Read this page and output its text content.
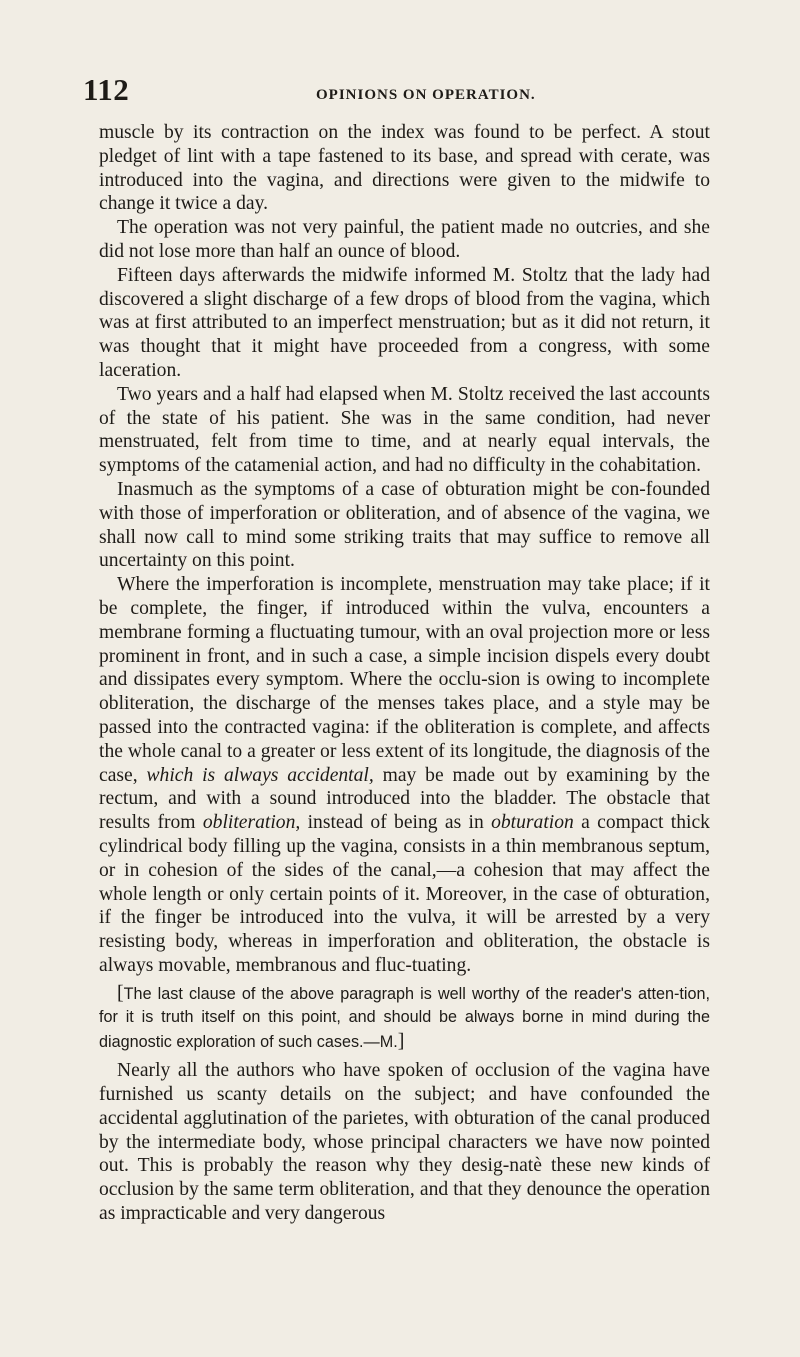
112	OPINIONS ON OPERATION.

muscle by its contraction on the index was found to be perfect. A stout pledget of lint with a tape fastened to its base, and spread with cerate, was introduced into the vagina, and directions were given to the midwife to change it twice a day.

The operation was not very painful, the patient made no outcries, and she did not lose more than half an ounce of blood.

Fifteen days afterwards the midwife informed M. Stoltz that the lady had discovered a slight discharge of a few drops of blood from the vagina, which was at first attributed to an imperfect menstruation; but as it did not return, it was thought that it might have proceeded from a congress, with some laceration.

Two years and a half had elapsed when M. Stoltz received the last accounts of the state of his patient. She was in the same condition, had never menstruated, felt from time to time, and at nearly equal intervals, the symptoms of the catamenial action, and had no difficulty in the cohabitation.

Inasmuch as the symptoms of a case of obturation might be con-founded with those of imperforation or obliteration, and of absence of the vagina, we shall now call to mind some striking traits that may suffice to remove all uncertainty on this point.

Where the imperforation is incomplete, menstruation may take place; if it be complete, the finger, if introduced within the vulva, encounters a membrane forming a fluctuating tumour, with an oval projection more or less prominent in front, and in such a case, a simple incision dispels every doubt and dissipates every symptom. Where the occlu-sion is owing to incomplete obliteration, the discharge of the menses takes place, and a style may be passed into the contracted vagina: if the obliteration is complete, and affects the whole canal to a greater or less extent of its longitude, the diagnosis of the case, which is always accidental, may be made out by examining by the rectum, and with a sound introduced into the bladder. The obstacle that results from obliteration, instead of being as in obturation a compact thick cylindrical body filling up the vagina, consists in a thin membranous septum, or in cohesion of the sides of the canal,—a cohesion that may affect the whole length or only certain points of it. Moreover, in the case of obturation, if the finger be introduced into the vulva, it will be arrested by a very resisting body, whereas in imperforation and obliteration, the obstacle is always movable, membranous and fluc-tuating.

[The last clause of the above paragraph is well worthy of the reader's atten-tion, for it is truth itself on this point, and should be always borne in mind during the diagnostic exploration of such cases.—M.]

Nearly all the authors who have spoken of occlusion of the vagina have furnished us scanty details on the subject; and have confounded the accidental agglutination of the parietes, with obturation of the canal produced by the intermediate body, whose principal characters we have now pointed out. This is probably the reason why they desig-natè these new kinds of occlusion by the same term obliteration, and that they denounce the operation as impracticable and very dangerous
